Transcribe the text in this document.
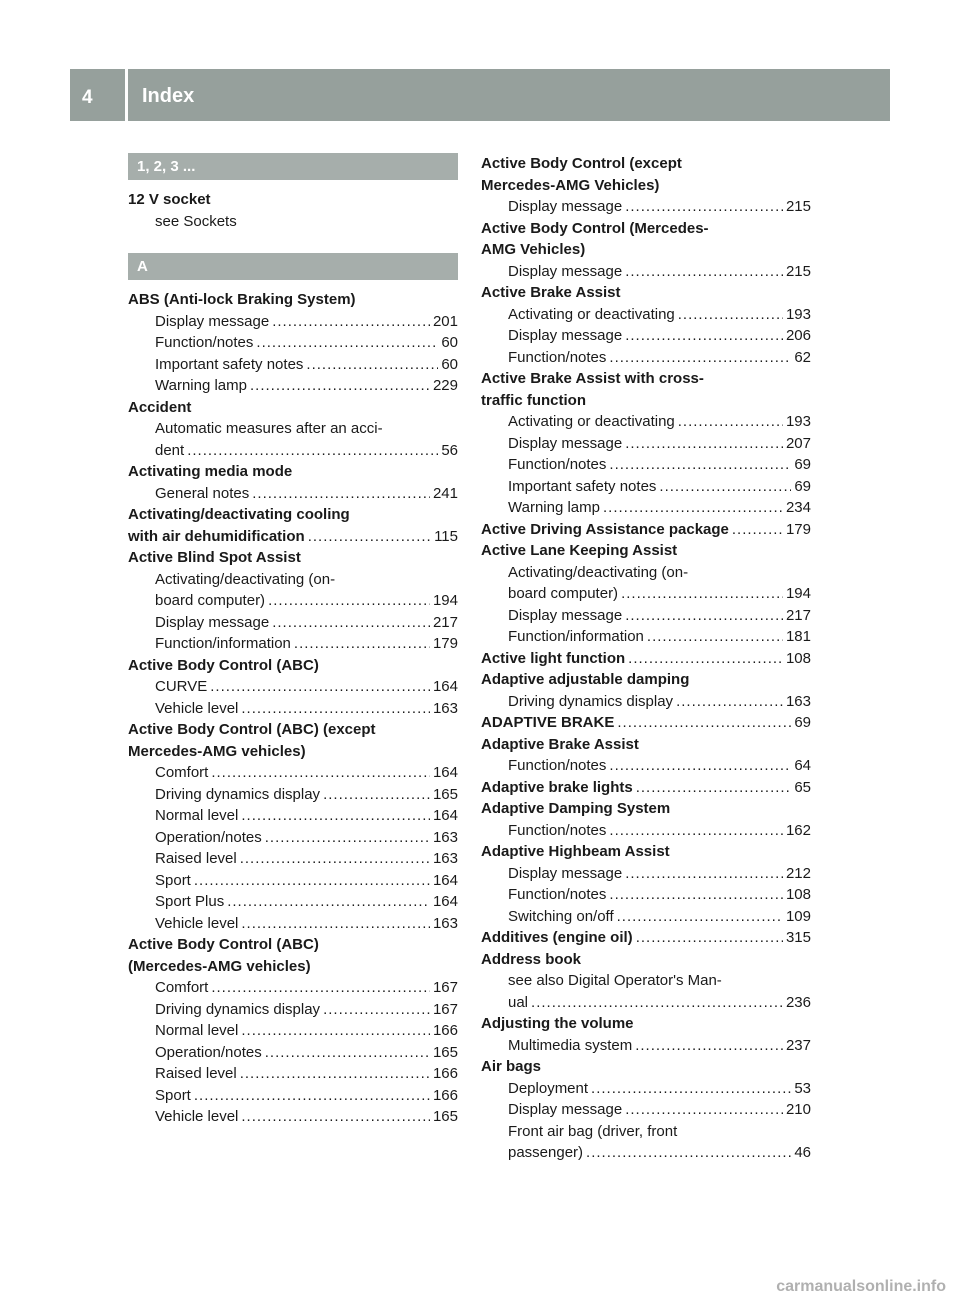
4 Index
1, 2, 3 ...
12 V socket
see Sockets
A
ABS (Anti-lock Braking System)
Display message .....	201
Function/notes .....	60
Important safety notes .....	60
Warning lamp .....	229
Accident
Automatic measures after an acci-
dent .....	56
Activating media mode
General notes .....	241
Activating/deactivating cooling
with air dehumidification .....	115
Active Blind Spot Assist
Activating/deactivating (on-
board computer) .....	194
Display message .....	217
Function/information .....	179
Active Body Control (ABC)
CURVE .....	164
Vehicle level .....	163
Active Body Control (ABC) (except
Mercedes-AMG vehicles)
Comfort .....	164
Driving dynamics display .....	165
Normal level .....	164
Operation/notes .....	163
Raised level .....	163
Sport .....	164
Sport Plus .....	164
Vehicle level .....	163
Active Body Control (ABC)
(Mercedes-AMG vehicles)
Comfort .....	167
Driving dynamics display .....	167
Normal level .....	166
Operation/notes .....	165
Raised level .....	166
Sport .....	166
Vehicle level .....	165
Active Body Control (except
Mercedes-AMG Vehicles)
Display message .....	215
Active Body Control (Mercedes-
AMG Vehicles)
Display message .....	215
Active Brake Assist
Activating or deactivating .....	193
Display message .....	206
Function/notes .....	62
Active Brake Assist with cross-
traffic function
Activating or deactivating .....	193
Display message .....	207
Function/notes .....	69
Important safety notes .....	69
Warning lamp .....	234
Active Driving Assistance package .....	179
Active Lane Keeping Assist
Activating/deactivating (on-
board computer) .....	194
Display message .....	217
Function/information .....	181
Active light function .....	108
Adaptive adjustable damping
Driving dynamics display .....	163
ADAPTIVE BRAKE .....	69
Adaptive Brake Assist
Function/notes .....	64
Adaptive brake lights .....	65
Adaptive Damping System
Function/notes .....	162
Adaptive Highbeam Assist
Display message .....	212
Function/notes .....	108
Switching on/off .....	109
Additives (engine oil) .....	315
Address book
see also Digital Operator's Man-
ual .....	236
Adjusting the volume
Multimedia system .....	237
Air bags
Deployment .....	53
Display message .....	210
Front air bag (driver, front
passenger) .....	46
carmanualsonline.info
